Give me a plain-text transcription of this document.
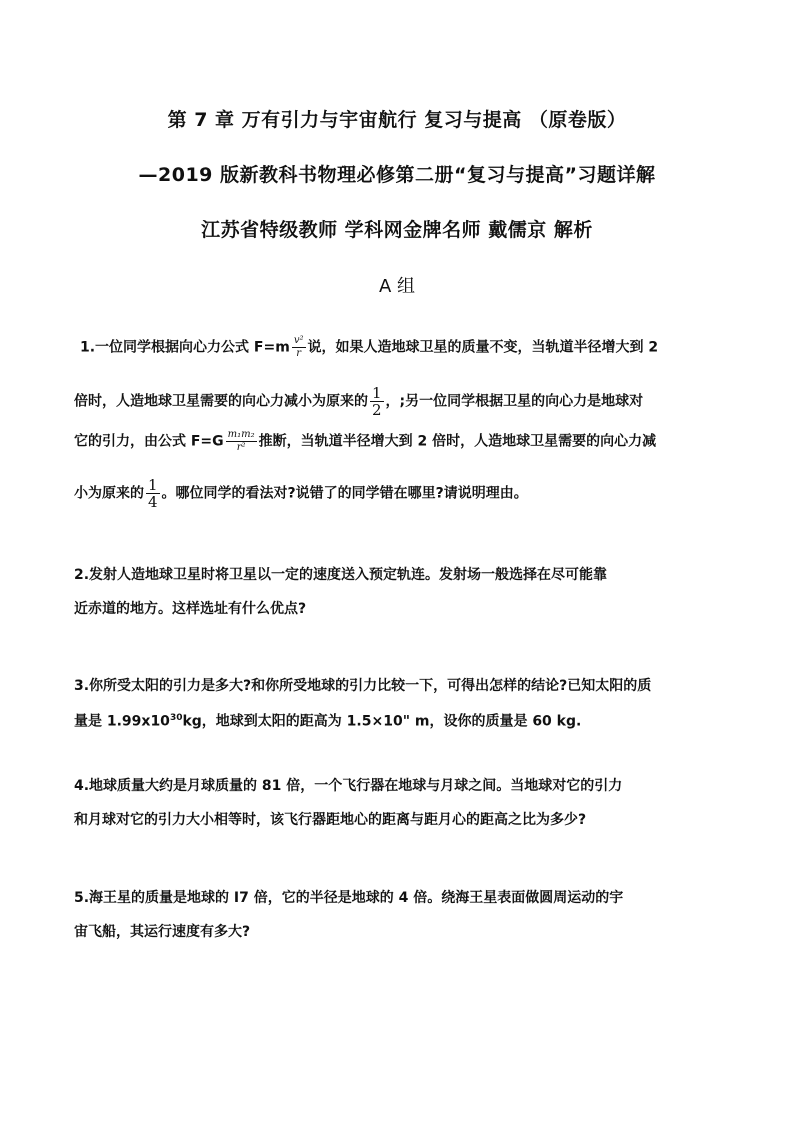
第 7 章 万有引力与宇宙航行 复习与提高 （原卷版）
—2019 版新教科书物理必修第二册“复习与提高”习题详解
江苏省特级教师 学科网金牌名师 戴儒京 解析
A 组
1.一位同学根据向心力公式 $F=m \frac{\text{v²}}{r}$ 说，如果人造地球卫星的质量不变，当轨道半径增大到 2
倍时，人造地球卫星需要的向心力减小为原来的 $\frac{1}{2}$ ，;另一位同学根据卫星的向心力是地球对
它的引力，由公式 $F=G \frac{\text{m₁m₂}}{\text{r²}}$ 推断，当轨道半径增大到 2 倍时，人造地球卫星需要的向心力减
小为原来的 $\frac{1}{4}$ 。哪位同学的看法对?说错了的同学错在哪里?请说明理由。
2.发射人造地球卫星时将卫星以一定的速度送入预定轨连。发射场一般选择在尽可能靠
近赤道的地方。这样选址有什么优点?
3.你所受太阳的引力是多大?和你所受地球的引力比较一下，可得出怎样的结论?已知太阳的质
量是 $1.99x10^{30}kg$，地球到太阳的距高为 1.5×10" m，设你的质量是 60 kg.
4.地球质量大约是月球质量的 81 倍，一个飞行器在地球与月球之间。当地球对它的引力
和月球对它的引力大小相等时，该飞行器距地心的距离与距月心的距高之比为多少?
5.海王星的质量是地球的 I7 倍，它的半径是地球的 4 倍。绕海王星表面做圆周运动的宇
宙飞船，其运行速度有多大?
